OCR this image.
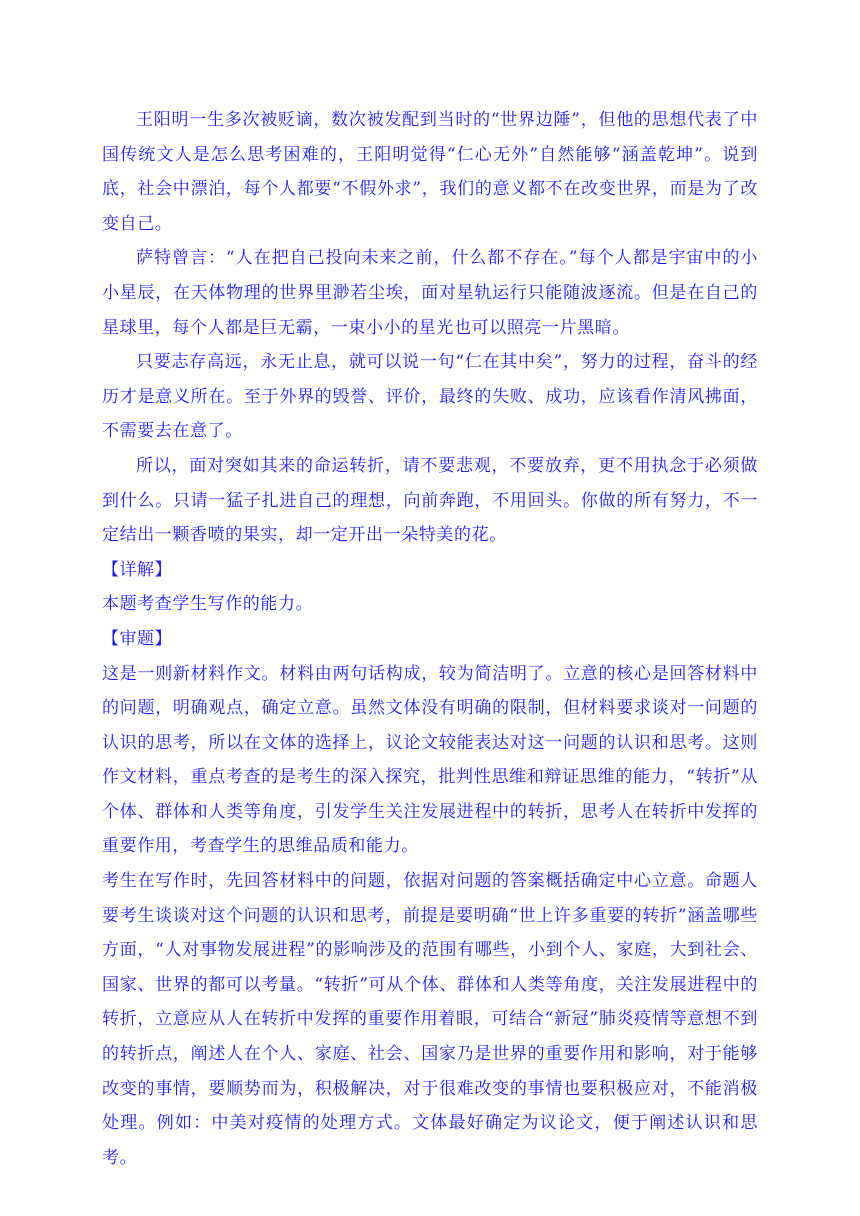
王阳明一生多次被贬谪，数次被发配到当时的“世界边陲”，但他的思想代表了中国传统文人是怎么思考困难的，王阳明觉得“仁心无外”自然能够“涵盖乾坤”。说到底，社会中漂泊，每个人都要“不假外求”，我们的意义都不在改变世界，而是为了改变自己。

萨特曾言：“人在把自己投向未来之前，什么都不存在。”每个人都是宇宙中的小小星辰，在天体物理的世界里渺若尘埃，面对星轨运行只能随波逐流。但是在自己的星球里，每个人都是巨无霸，一束小小的星光也可以照亮一片黑暗。

只要志存高远，永无止息，就可以说一句“仁在其中矣”，努力的过程，奋斗的经历才是意义所在。至于外界的毁誉、评价，最终的失败、成功，应该看作清风拂面，不需要去在意了。

所以，面对突如其来的命运转折，请不要悲观，不要放弃，更不用执念于必须做到什么。只请一猛子扎进自己的理想，向前奔跑，不用回头。你做的所有努力，不一定结出一颗香喷的果实，却一定开出一朵特美的花。

【详解】

本题考查学生写作的能力。

【审题】

这是一则新材料作文。材料由两句话构成，较为简洁明了。立意的核心是回答材料中的问题，明确观点，确定立意。虽然文体没有明确的限制，但材料要求谈对一问题的认识的思考，所以在文体的选择上，议论文较能表达对这一问题的认识和思考。这则作文材料，重点考查的是考生的深入探究，批判性思维和辩证思维的能力，“转折”从个体、群体和人类等角度，引发学生关注发展进程中的转折，思考人在转折中发挥的重要作用，考查学生的思维品质和能力。

考生在写作时，先回答材料中的问题，依据对问题的答案概括确定中心立意。命题人要考生谈谈对这个问题的认识和思考，前提是要明确“世上许多重要的转折”涵盖哪些方面，“人对事物发展进程”的影响涉及的范围有哪些，小到个人、家庭，大到社会、国家、世界的都可以考量。“转折”可从个体、群体和人类等角度，关注发展进程中的转折，立意应从人在转折中发挥的重要作用着眼，可结合“新冠”肺炎疫情等意想不到的转折点，阐述人在个人、家庭、社会、国家乃是世界的重要作用和影响，对于能够改变的事情，要顺势而为，积极解决，对于很难改变的事情也要积极应对，不能消极处理。例如：中美对疫情的处理方式。文体最好确定为议论文，便于阐述认识和思考。
